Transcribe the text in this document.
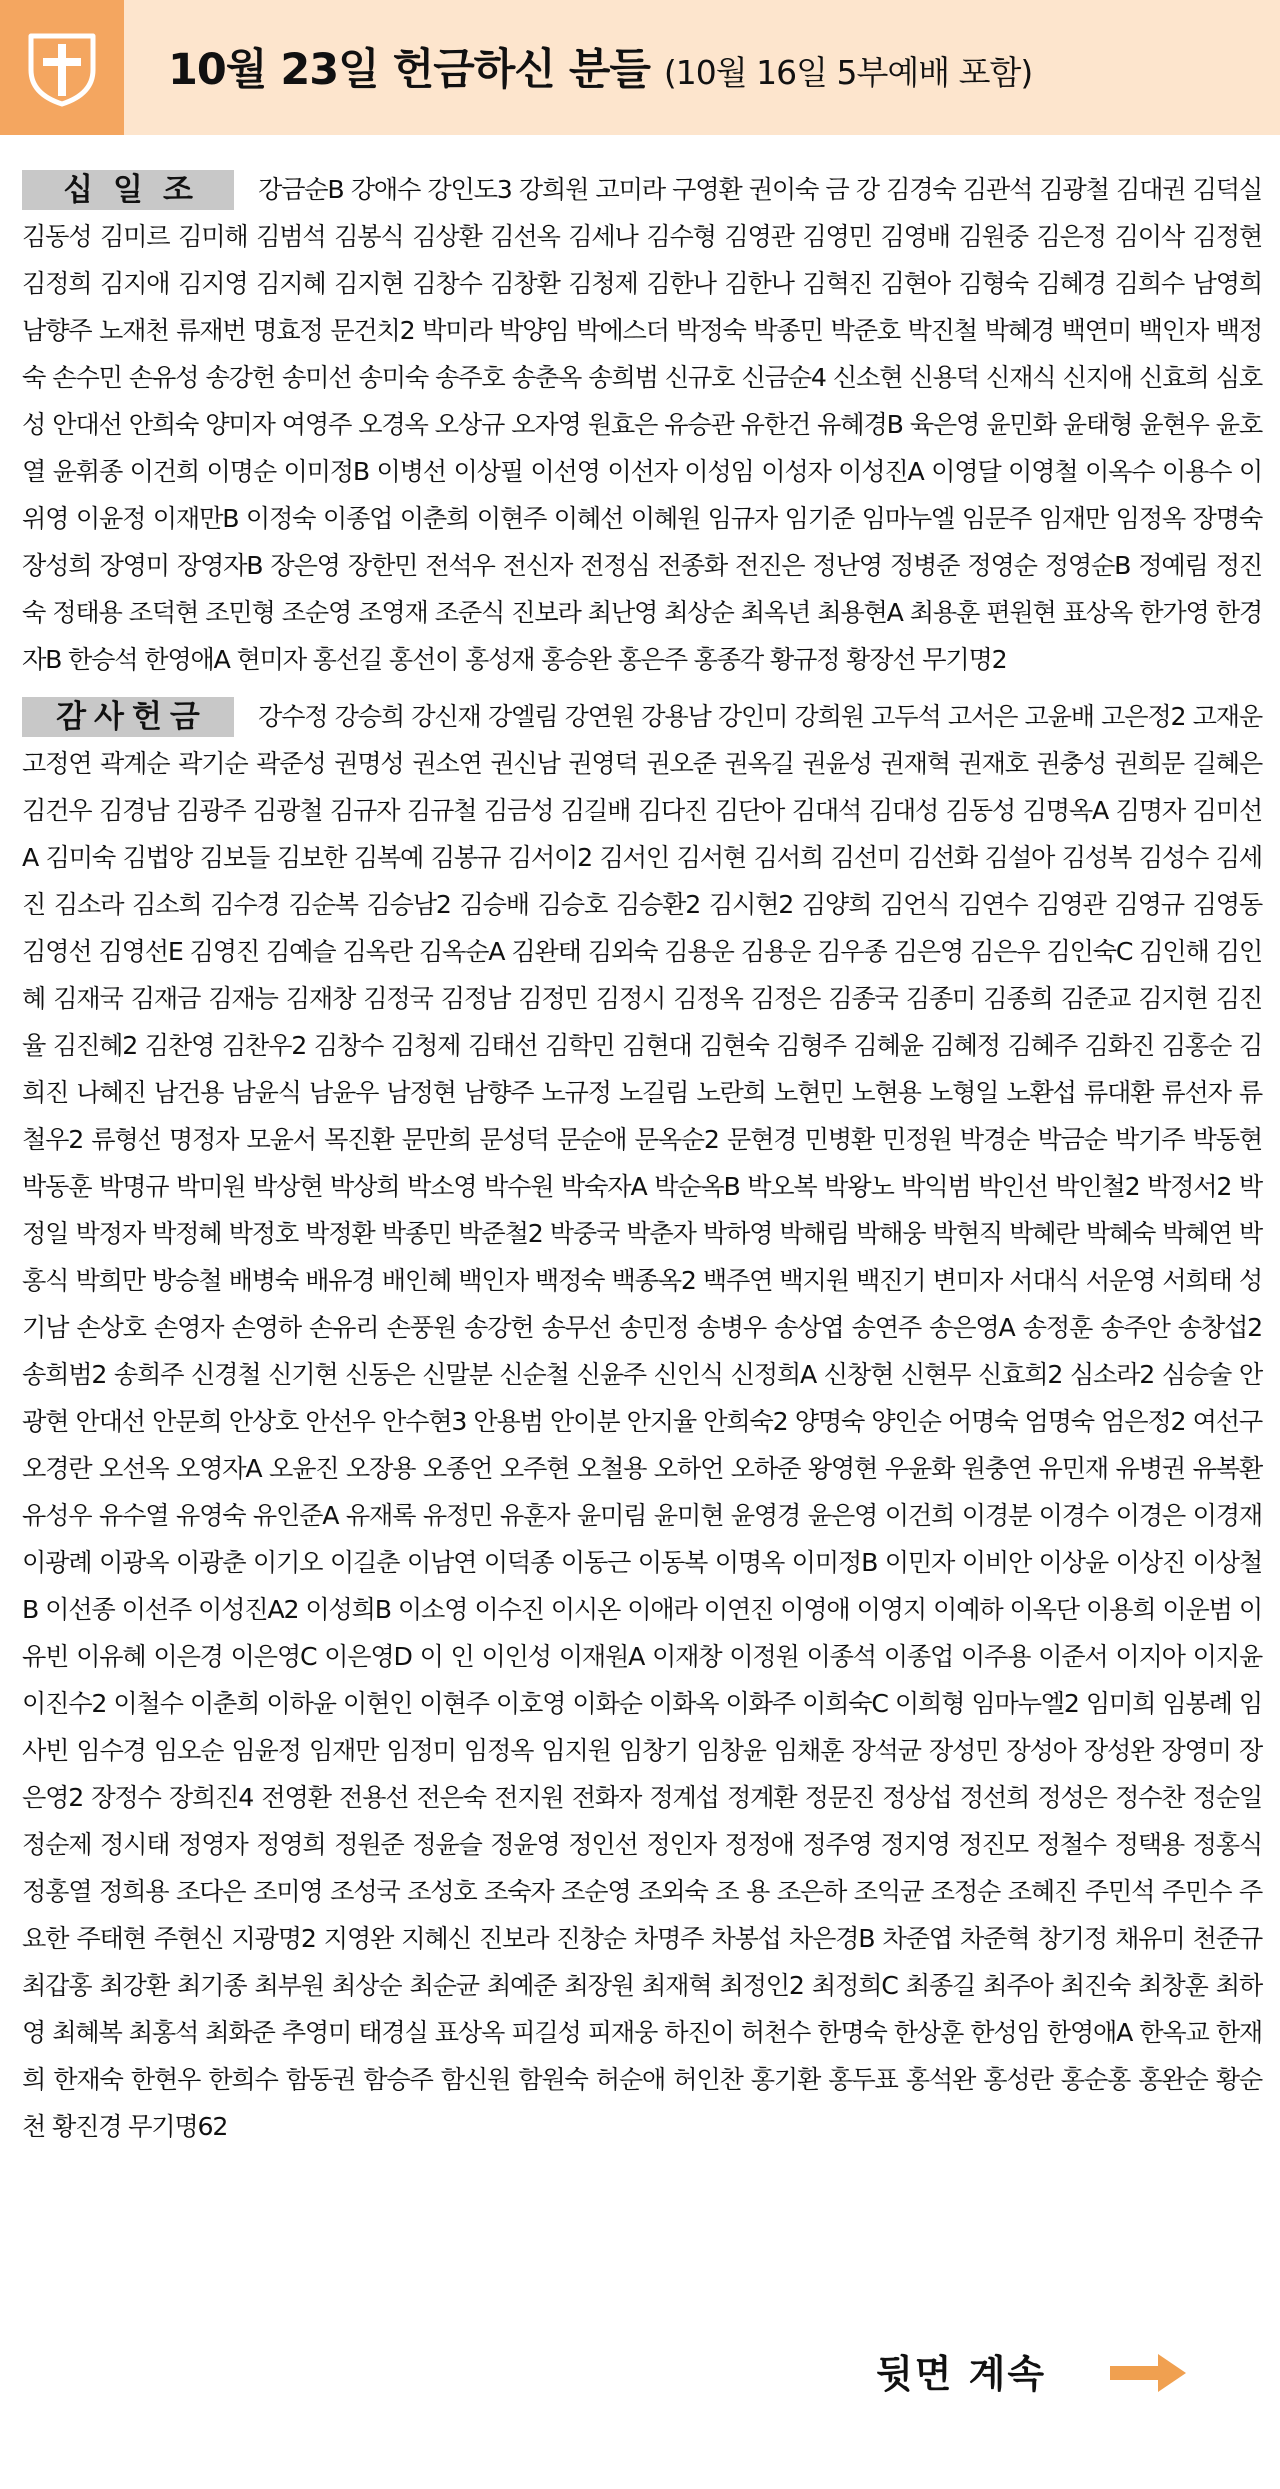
10월 23일 헌금하신 분들 (10월 16일 5부예배 포함)

십일조	강금순B 강애수 강인도3 강희원 고미라 구영환 권이숙 금 강 김경숙 김관석 김광철 김대권 김덕실 김동성 김미르 김미해 김범석 김봉식 김상환 김선옥 김세나 김수형 김영관 김영민 김영배 김원중 김은정 김이삭 김정현 김정희 김지애 김지영 김지혜 김지현 김창수 김창환 김청제 김한나 김한나 김혁진 김현아 김형숙 김혜경 김희수 남영희 남향주 노재천 류재번 명효정 문건치2 박미라 박양임 박에스더 박정숙 박종민 박준호 박진철 박혜경 백연미 백인자 백정숙 손수민 손유성 송강헌 송미선 송미숙 송주호 송춘옥 송희범 신규호 신금순4 신소현 신용덕 신재식 신지애 신효희 심호성 안대선 안희숙 양미자 여영주 오경옥 오상규 오자영 원효은 유승관 유한건 유혜경B 육은영 윤민화 윤태형 윤현우 윤호열 윤휘종 이건희 이명순 이미정B 이병선 이상필 이선영 이선자 이성임 이성자 이성진A 이영달 이영철 이옥수 이용수 이위영 이윤정 이재만B 이정숙 이종업 이춘희 이현주 이혜선 이혜원 임규자 임기준 임마누엘 임문주 임재만 임정옥 장명숙 장성희 장영미 장영자B 장은영 장한민 전석우 전신자 전정심 전종화 전진은 정난영 정병준 정영순 정영순B 정예림 정진숙 정태용 조덕현 조민형 조순영 조영재 조준식 진보라 최난영 최상순 최옥년 최용현A 최용훈 편원현 표상옥 한가영 한경자B 한승석 한영애A 현미자 홍선길 홍선이 홍성재 홍승완 홍은주 홍종각 황규정 황장선 무기명2

감사헌금	강수정 강승희 강신재 강엘림 강연원 강용남 강인미 강희원 고두석 고서은 고윤배 고은정2 고재운 고정연 곽계순 곽기순 곽준성 권명성 권소연 권신남 권영덕 권오준 권옥길 권윤성 권재혁 권재호 권충성 권희문 길혜은 김건우 김경남 김광주 김광철 김규자 김규철 김금성 김길배 김다진 김단아 김대석 김대성 김동성 김명옥A 김명자 김미선A 김미숙 김법앙 김보들 김보한 김복예 김봉규 김서이2 김서인 김서현 김서희 김선미 김선화 김설아 김성복 김성수 김세진 김소라 김소희 김수경 김순복 김승남2 김승배 김승호 김승환2 김시현2 김양희 김언식 김연수 김영관 김영규 김영동 김영선 김영선E 김영진 김예슬 김옥란 김옥순A 김완태 김외숙 김용운 김용운 김우종 김은영 김은우 김인숙C 김인해 김인혜 김재국 김재금 김재능 김재창 김정국 김정남 김정민 김정시 김정옥 김정은 김종국 김종미 김종희 김준교 김지현 김진율 김진혜2 김찬영 김찬우2 김창수 김청제 김태선 김학민 김현대 김현숙 김형주 김혜윤 김혜정 김혜주 김화진 김홍순 김희진 나혜진 남건용 남윤식 남윤우 남정현 남향주 노규정 노길림 노란희 노현민 노현용 노형일 노환섭 류대환 류선자 류철우2 류형선 명정자 모윤서 목진환 문만희 문성덕 문순애 문옥순2 문현경 민병환 민정원 박경순 박금순 박기주 박동현 박동훈 박명규 박미원 박상현 박상희 박소영 박수원 박숙자A 박순옥B 박오복 박왕노 박익범 박인선 박인철2 박정서2 박정일 박정자 박정혜 박정호 박정환 박종민 박준철2 박중국 박춘자 박하영 박해림 박해웅 박현직 박혜란 박혜숙 박혜연 박홍식 박희만 방승철 배병숙 배유경 배인혜 백인자 백정숙 백종옥2 백주연 백지원 백진기 변미자 서대식 서운영 서희태 성기남 손상호 손영자 손영하 손유리 손풍원 송강헌 송무선 송민정 송병우 송상엽 송연주 송은영A 송정훈 송주안 송창섭2 송희범2 송희주 신경철 신기현 신동은 신말분 신순철 신윤주 신인식 신정희A 신창현 신현무 신효희2 심소라2 심승술 안광현 안대선 안문희 안상호 안선우 안수현3 안용범 안이분 안지율 안희숙2 양명숙 양인순 어명숙 엄명숙 엄은정2 여선구 오경란 오선옥 오영자A 오윤진 오장용 오종언 오주현 오철용 오하언 오하준 왕영현 우윤화 원충연 유민재 유병권 유복환 유성우 유수열 유영숙 유인준A 유재록 유정민 유훈자 윤미림 윤미현 윤영경 윤은영 이건희 이경분 이경수 이경은 이경재 이광례 이광옥 이광춘 이기오 이길춘 이남연 이덕종 이동근 이동복 이명옥 이미정B 이민자 이비안 이상윤 이상진 이상철B 이선종 이선주 이성진A2 이성희B 이소영 이수진 이시온 이애라 이연진 이영애 이영지 이예하 이옥단 이용희 이운범 이유빈 이유혜 이은경 이은영C 이은영D 이 인 이인성 이재원A 이재창 이정원 이종석 이종업 이주용 이준서 이지아 이지윤 이진수2 이철수 이춘희 이하윤 이현인 이현주 이호영 이화순 이화옥 이화주 이희숙C 이희형 임마누엘2 임미희 임봉례 임사빈 임수경 임오순 임윤정 임재만 임정미 임정옥 임지원 임창기 임창윤 임채훈 장석균 장성민 장성아 장성완 장영미 장은영2 장정수 장희진4 전영환 전용선 전은숙 전지원 전화자 정계섭 정계환 정문진 정상섭 정선희 정성은 정수찬 정순일 정순제 정시태 정영자 정영희 정원준 정윤슬 정윤영 정인선 정인자 정정애 정주영 정지영 정진모 정철수 정택용 정홍식 정홍열 정희용 조다은 조미영 조성국 조성호 조숙자 조순영 조외숙 조 용 조은하 조익균 조정순 조혜진 주민석 주민수 주요한 주태현 주현신 지광명2 지영완 지혜신 진보라 진창순 차명주 차봉섭 차은경B 차준엽 차준혁 창기정 채유미 천준규 최갑홍 최강환 최기종 최부원 최상순 최순균 최예준 최장원 최재혁 최정인2 최정희C 최종길 최주아 최진숙 최창훈 최하영 최혜복 최홍석 최화준 추영미 태경실 표상옥 피길성 피재웅 하진이 허천수 한명숙 한상훈 한성임 한영애A 한옥교 한재희 한재숙 한현우 한희수 함동권 함승주 함신원 함원숙 허순애 허인찬 홍기환 홍두표 홍석완 홍성란 홍순홍 홍완순 황순천 황진경 무기명62

뒷면 계속
